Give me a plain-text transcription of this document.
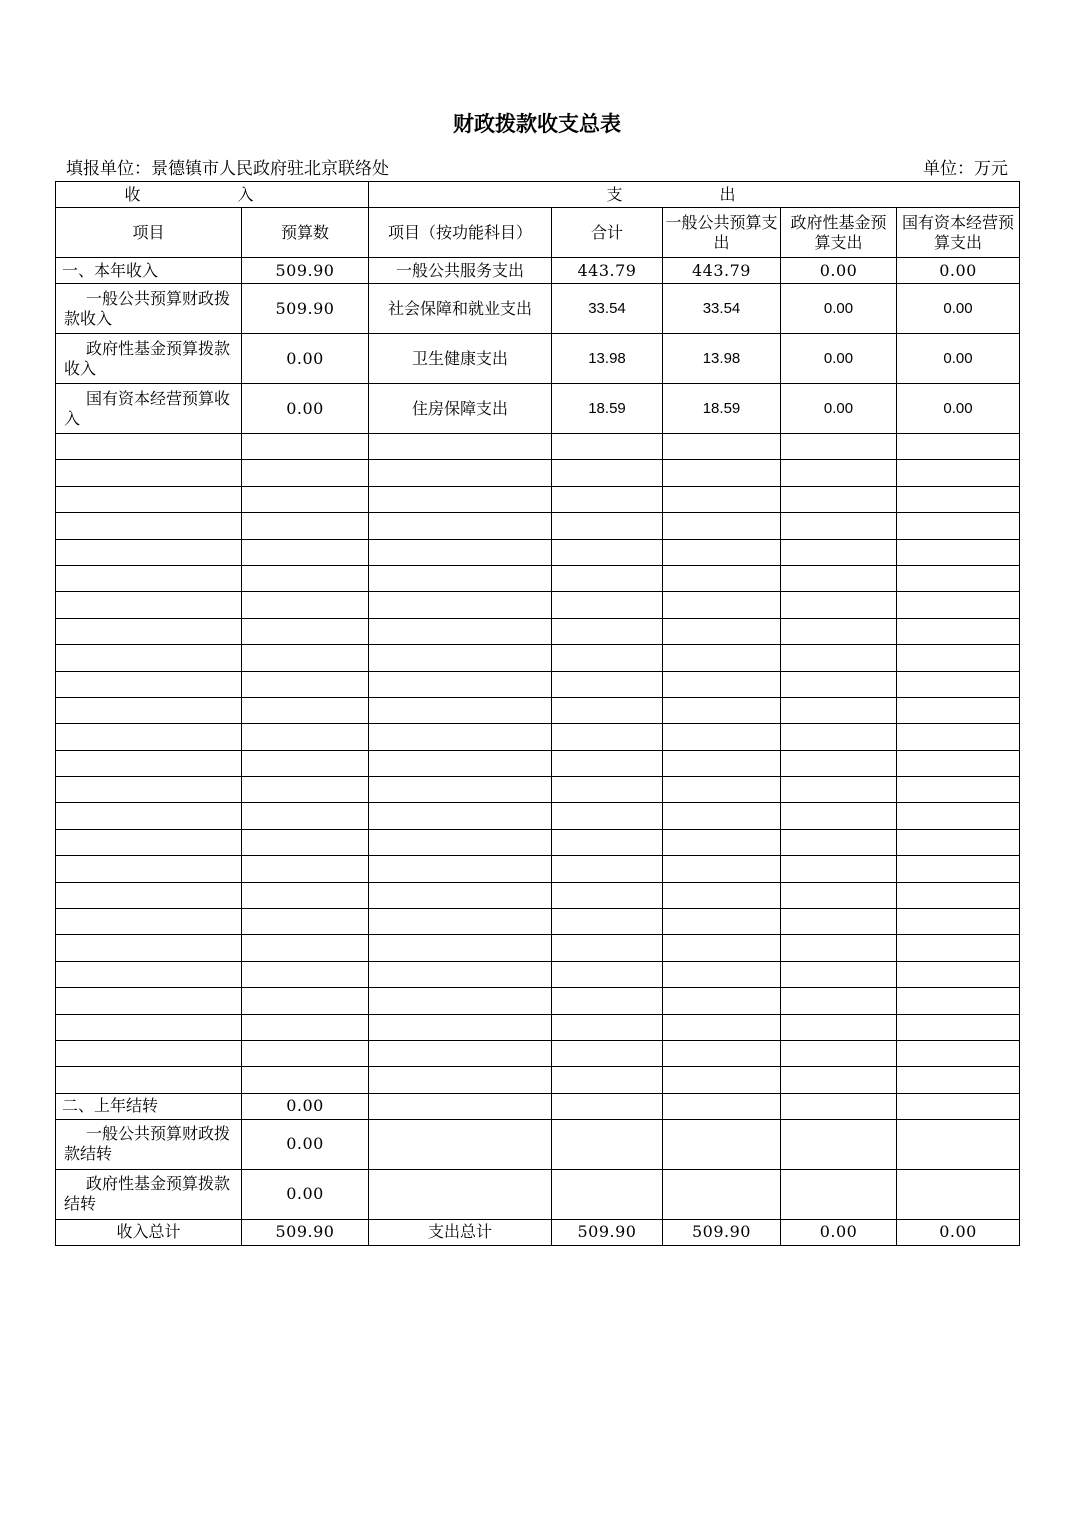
财政拨款收支总表
填报单位：景德镇市人民政府驻北京联络处	单位：万元
收 入		支 出				
项目	预算数	项目（按功能科目）	合计	一般公共预算支出	政府性基金预算支出	国有资本经营预算支出
一、本年收入	509.90	一般公共服务支出	443.79	443.79	0.00	0.00
一般公共预算财政拨款收入	509.90	社会保障和就业支出	33.54	33.54	0.00	0.00
政府性基金预算拨款收入	0.00	卫生健康支出	13.98	13.98	0.00	0.00
国有资本经营预算收入	0.00	住房保障支出	18.59	18.59	0.00	0.00

二、上年结转	0.00					
一般公共预算财政拨款结转	0.00					
政府性基金预算拨款结转	0.00					
收入总计	509.90	支出总计	509.90	509.90	0.00	0.00
